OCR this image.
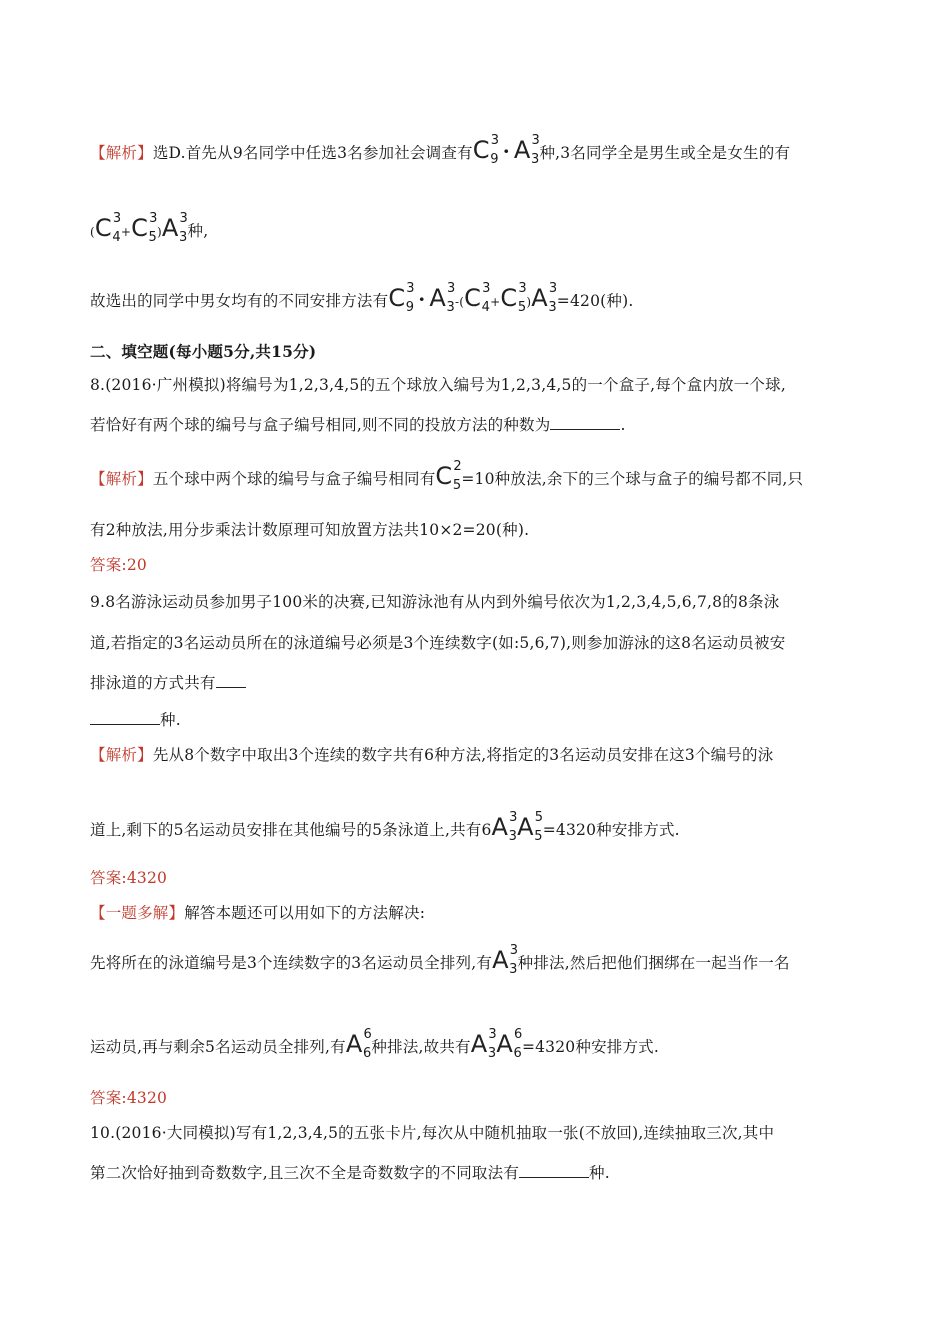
【解析】选D.首先从9名同学中任选3名参加社会调查有$C^3_9 \cdot A^3_3$种,3名同学全是男生或全是女生的有
$(C^3_4+C^3_5)A^3_3$种,
故选出的同学中男女均有的不同安排方法有$C^3_9 \cdot A^3_3-(C^3_4+C^3_5)A^3_3=420$(种).
二、填空题(每小题5分,共15分)
8.(2016·广州模拟)将编号为1,2,3,4,5的五个球放入编号为1,2,3,4,5的一个盒子,每个盒内放一个球,
若恰好有两个球的编号与盒子编号相同,则不同的投放方法的种数为	.
【解析】五个球中两个球的编号与盒子编号相同有$C^2_5=10$种放法,余下的三个球与盒子的编号都不同,只
有2种放法,用分步乘法计数原理可知放置方法共10×2=20(种).
答案:20
9.8名游泳运动员参加男子100米的决赛,已知游泳池有从内到外编号依次为1,2,3,4,5,6,7,8的8条泳
道,若指定的3名运动员所在的泳道编号必须是3个连续数字(如:5,6,7),则参加游泳的这8名运动员被安
排泳道的方式共有
种.
【解析】先从8个数字中取出3个连续的数字共有6种方法,将指定的3名运动员安排在这3个编号的泳
道上,剩下的5名运动员安排在其他编号的5条泳道上,共有$6A^3_3A^5_5=4320$种安排方式.
答案:4320
【一题多解】解答本题还可以用如下的方法解决:
先将所在的泳道编号是3个连续数字的3名运动员全排列,有$A^3_3$种排法,然后把他们捆绑在一起当作一名
运动员,再与剩余5名运动员全排列,有$A^6_6$种排法,故共有$A^3_3A^6_6=4320$种安排方式.
答案:4320
10.(2016·大同模拟)写有1,2,3,4,5的五张卡片,每次从中随机抽取一张(不放回),连续抽取三次,其中
第二次恰好抽到奇数数字,且三次不全是奇数数字的不同取法有	种.
